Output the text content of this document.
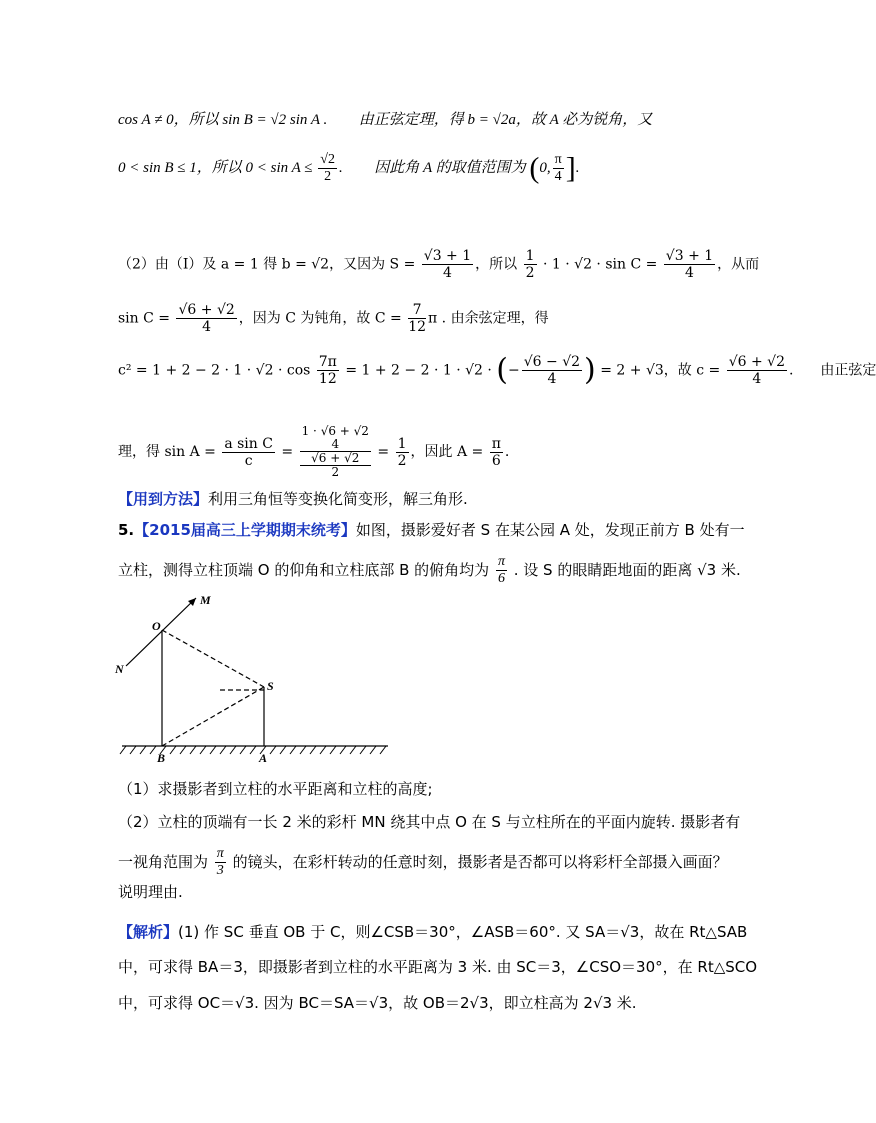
cos A ≠ 0，所以 sin B = √2 sin A . 由正弦定理，得 b = √2a，故 A 必为锐角，又
0 < sin B ≤ 1，所以 $0 < \sin A \le \frac{√2}{2}$ .  因此角 A 的取值范围为 (0, $\frac{\pi}{4}$ ].
（2）由（Ⅰ）及 a = 1 得 b = √2，又因为 $S = \frac{√3 + 1}{4}$ ，所以 $\frac{1}{2} \cdot 1 \cdot √2 \cdot \sin C = \frac{√3 + 1}{4}$ ，从而
$\sin C = \frac{√6 + √2}{4}$ ，因为 C 为钝角，故 $C = \frac{7}{12}$ π . 由余弦定理，得
$c^2 = 1 + 2 - 2 \cdot 1 \cdot √2 \cdot \cos \frac{7\pi}{12} = 1 + 2 - 2 \cdot 1 \cdot √2$ · (− $\frac{√6 - √2}{4}$ ) = 2 + √3，故 $c = \frac{√6 + √2}{4}$ . 由正弦定
理，得 $\sin A = \frac{\text{a sin C}}{c} = 1 \cdot √6 + √2$
4
√6 + √2
$2 = \frac{1}{2}$ ，因此 $A = \frac{\pi}{6}$ .
【用到方法】利用三角恒等变换化简变形，解三角形.
5.【2015届高三上学期期末统考】如图，摄影爱好者 S 在某公园 A 处，发现正前方 B 处有一
立柱，测得立柱顶端 O 的仰角和立柱底部 B 的俯角均为 $\frac{\pi}{6}$ . 设 S 的眼睛距地面的距离 √3 米.
M
O
N
S
B	A
（1）求摄影者到立柱的水平距离和立柱的高度;
（2）立柱的顶端有一长 2 米的彩杆 MN 绕其中点 O 在 S 与立柱所在的平面内旋转. 摄影者有
一视角范围为 $\frac{\pi}{3}$ 的镜头，在彩杆转动的任意时刻，摄影者是否都可以将彩杆全部摄入画面？
说明理由.
【解析】(1) 作 SC 垂直 OB 于 C，则∠CSB＝30°，∠ASB＝60°. 又 SA＝√3，故在 Rt△SAB
中，可求得 BA＝3，即摄影者到立柱的水平距离为 3 米. 由 SC＝3，∠CSO＝30°，在 Rt△SCO
中，可求得 OC＝√3. 因为 BC＝SA＝√3，故 OB＝2√3，即立柱高为 2√3 米.
